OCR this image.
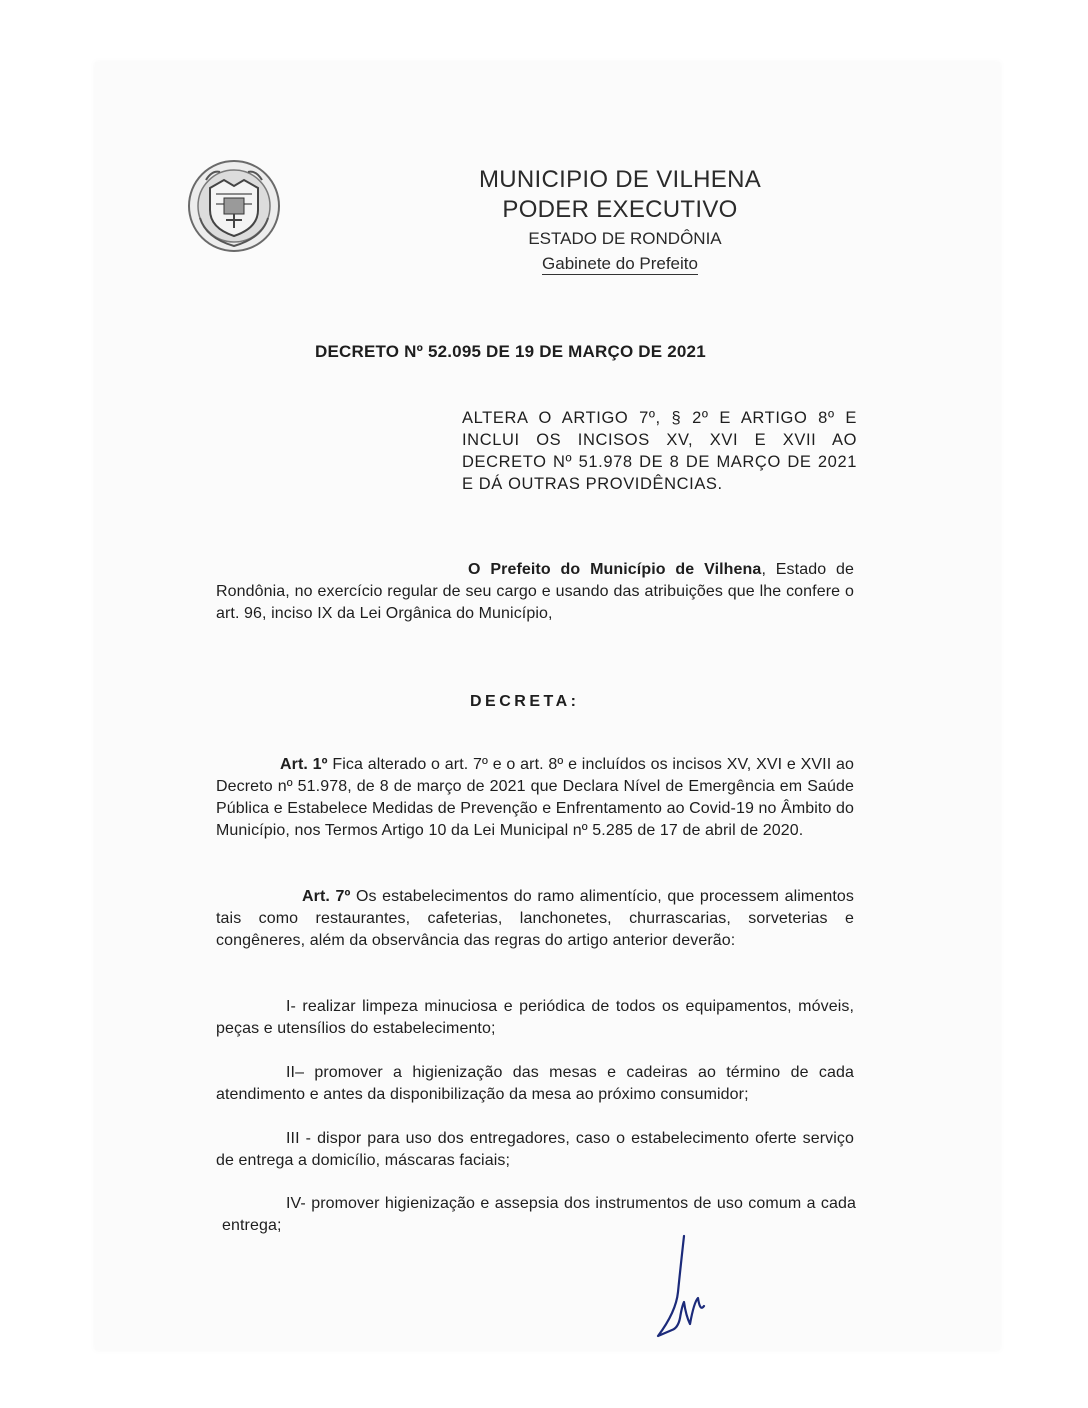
MUNICIPIO DE VILHENA
PODER EXECUTIVO
ESTADO DE RONDÔNIA
Gabinete do Prefeito
DECRETO Nº 52.095 DE 19 DE MARÇO DE 2021
ALTERA O ARTIGO 7º, § 2º E ARTIGO 8º E INCLUI OS INCISOS XV, XVI E XVII AO DECRETO Nº 51.978 DE 8 DE MARÇO DE 2021 E DÁ OUTRAS PROVIDÊNCIAS.
O Prefeito do Município de Vilhena, Estado de Rondônia, no exercício regular de seu cargo e usando das atribuições que lhe confere o art. 96, inciso IX da Lei Orgânica do Município,
DECRETA:
Art. 1º Fica alterado o art. 7º e o art. 8º e incluídos os incisos XV, XVI e XVII ao Decreto nº 51.978, de 8 de março de 2021 que Declara Nível de Emergência em Saúde Pública e Estabelece Medidas de Prevenção e Enfrentamento ao Covid-19 no Âmbito do Município, nos Termos Artigo 10 da Lei Municipal nº 5.285 de 17 de abril de 2020.
Art. 7º Os estabelecimentos do ramo alimentício, que processem alimentos tais como restaurantes, cafeterias, lanchonetes, churrascarias, sorveterias e congêneres, além da observância das regras do artigo anterior deverão:
I- realizar limpeza minuciosa e periódica de todos os equipamentos, móveis, peças e utensílios do estabelecimento;
II– promover a higienização das mesas e cadeiras ao término de cada atendimento e antes da disponibilização da mesa ao próximo consumidor;
III - dispor para uso dos entregadores, caso o estabelecimento oferte serviço de entrega a domicílio, máscaras faciais;
IV- promover higienização e assepsia dos instrumentos de uso comum a cada entrega;
